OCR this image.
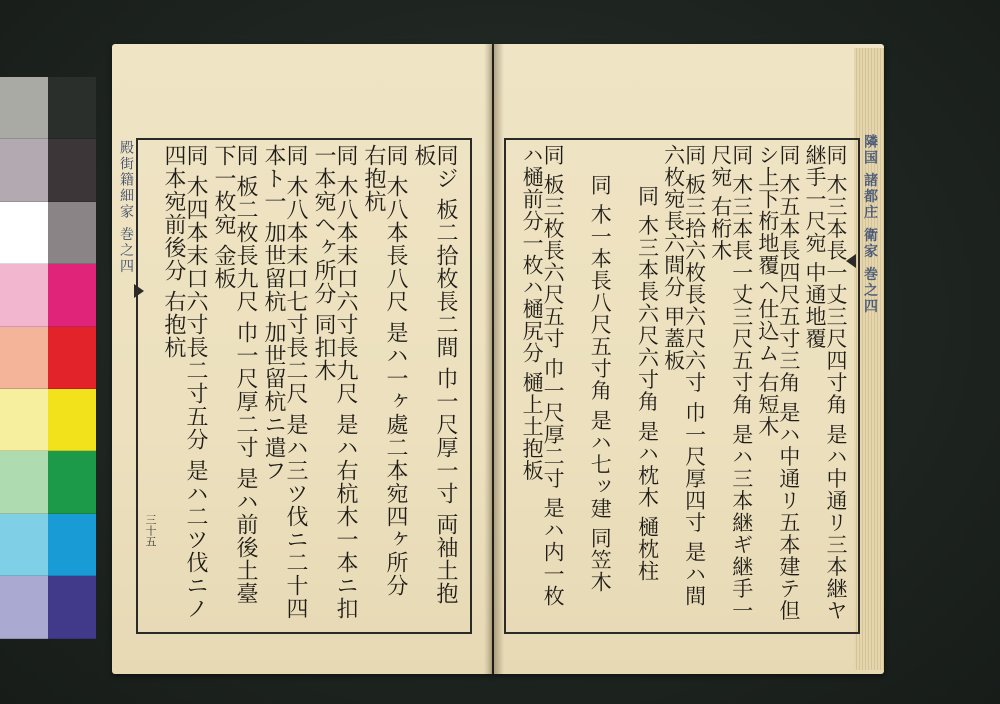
殿街籍細家 巻之四
三十五	同ジ 板二拾枚長二間 巾一尺厚一寸 両袖土抱板
同 木八本長八尺 是ハ一ヶ處二本宛四ヶ所分 右抱杭
同 木八本末口六寸長九尺 是ハ右杭木一本ニ扣一本宛ヘヶ所分 同扣木
同 木八本末口七寸長二尺 是ハ三ツ伐ニ二十四本ト一 加世留杭 加世留杭ニ遣フ
同 板二枚長九尺 巾一尺厚二寸 是ハ前後土臺下一枚宛 金板
同 木四本末口六寸長二寸五分 是ハ二ツ伐ニノ四本宛前後分 右抱杭	隣国 諸都庄 衛家 巻之四
同 木三本長一丈三尺四寸角 是ハ中通リ三本継ヤ継手一尺宛 中通地覆
同 木五本長四尺五寸三角 是ハ中通リ五本建テ但シ上下桁地覆ヘ仕込ム 右短木
同 木三本長一丈三尺五寸角 是ハ三本継ギ継手一尺宛 右桁木
同 板三拾六枚長六尺六寸 巾一尺厚四寸 是ハ間六枚宛長六間分 甲蓋板
同 木三本長六尺六寸角 是ハ枕木 樋枕柱
同 木一本長八尺五寸角 是ハ七ッ建 同笠木
同 板三枚長六尺五寸 巾一尺厚二寸 是ハ内一枚ハ樋前分一枚ハ樋尻分 樋上土抱板
